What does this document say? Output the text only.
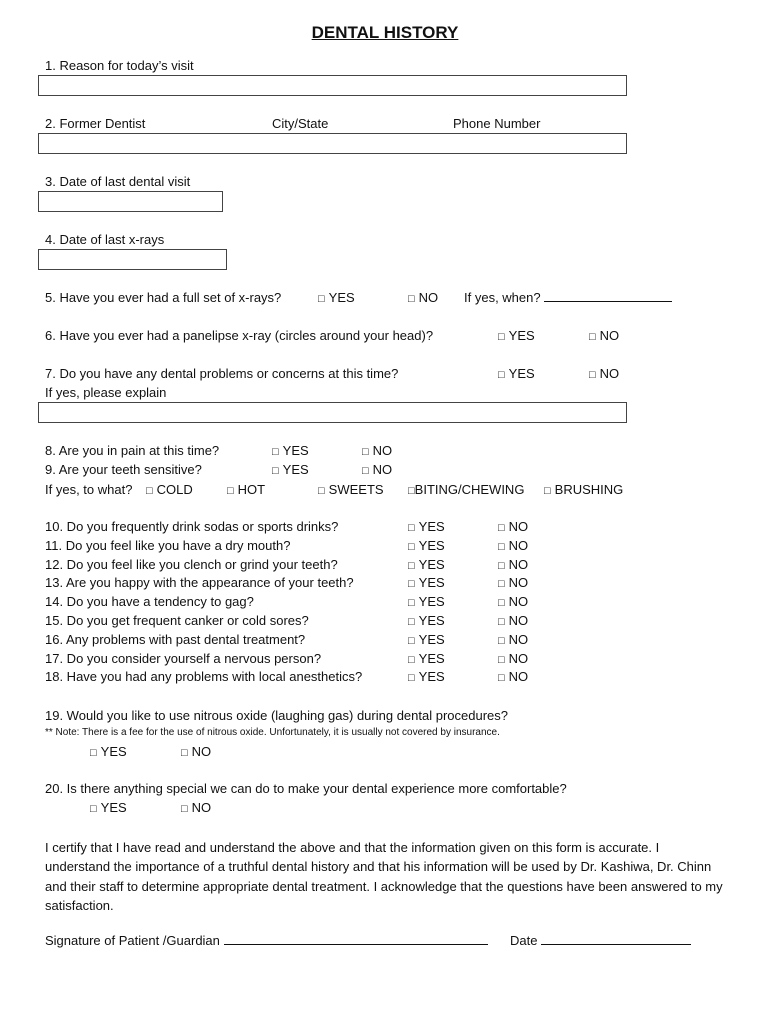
DENTAL HISTORY
1. Reason for today’s visit
2. Former Dentist	City/State	Phone Number
3. Date of last dental visit
4. Date of last x-rays
5. Have you ever had a full set of x-rays?	□ YES	□ NO If yes, when?
6. Have you ever had a panelipse x-ray (circles around your head)?	□ YES	□ NO
7. Do you have any dental problems or concerns at this time?	□ YES	□ NO
If yes, please explain
8. Are you in pain at this time?	□ YES	□ NO
9. Are your teeth sensitive?	□ YES	□ NO
If yes, to what? □ COLD	□ HOT	□ SWEETS □BITING/CHEWING □ BRUSHING
10. Do you frequently drink sodas or sports drinks?	□ YES	□ NO
11. Do you feel like you have a dry mouth?	□ YES	□ NO
12. Do you feel like you clench or grind your teeth?	□ YES	□ NO
13. Are you happy with the appearance of your teeth?	□ YES	□ NO
14. Do you have a tendency to gag?	□ YES	□ NO
15. Do you get frequent canker or cold sores?	□ YES	□ NO
16. Any problems with past dental treatment?	□ YES	□ NO
17. Do you consider yourself a nervous person?	□ YES	□ NO
18. Have you had any problems with local anesthetics?	□ YES	□ NO
19. Would you like to use nitrous oxide (laughing gas) during dental procedures?
** Note: There is a fee for the use of nitrous oxide. Unfortunately, it is usually not covered by insurance.
□ YES	□ NO
20. Is there anything special we can do to make your dental experience more comfortable?
□ YES	□ NO
I certify that I have read and understand the above and that the information given on this form is accurate. I understand the importance of a truthful dental history and that his information will be used by Dr. Kashiwa, Dr. Chinn and their staff to determine appropriate dental treatment. I acknowledge that the questions have been answered to my satisfaction.
Signature of Patient /Guardian	Date
